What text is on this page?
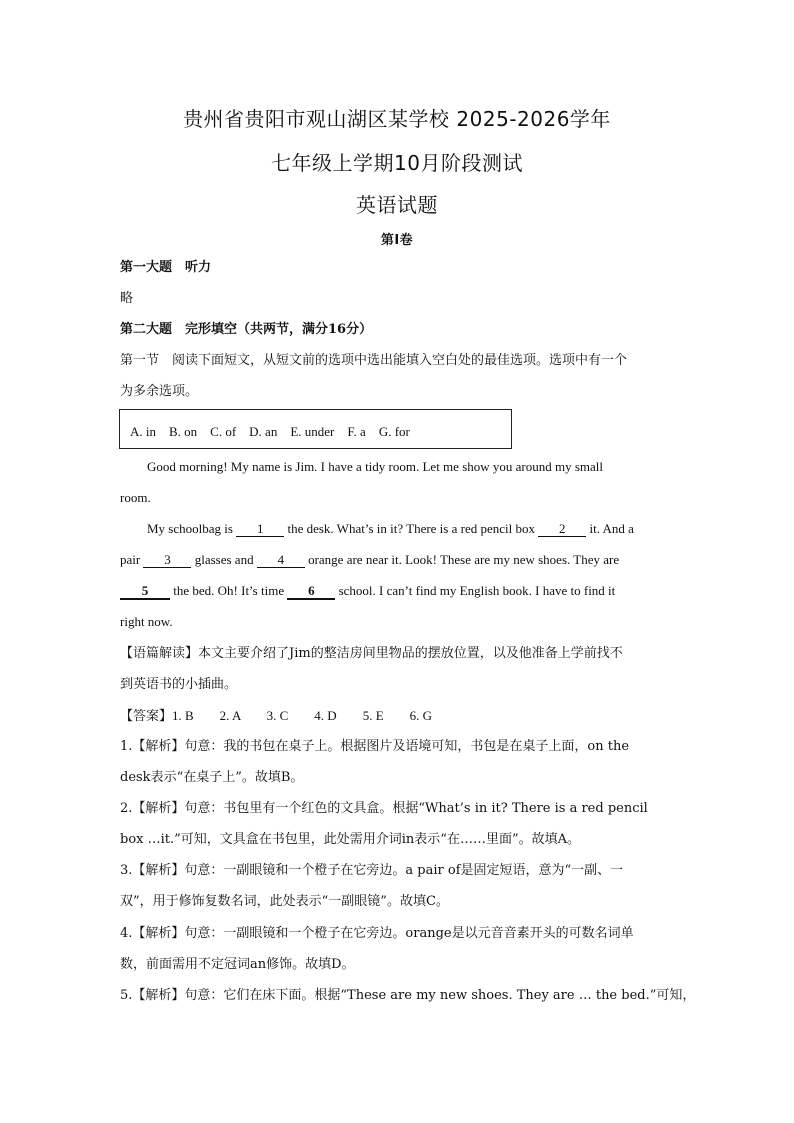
贵州省贵阳市观山湖区某学校 2025-2026学年
七年级上学期10月阶段测试
英语试题
第Ⅰ卷
第一大题　听力
略
第二大题　完形填空（共两节，满分16分）
第一节　阅读下面短文，从短文前的选项中选出能填入空白处的最佳选项。选项中有一个
为多余选项。
A. in　B. on　C. of　D. an　E. under　F. a　G. for
Good morning! My name is Jim. I have a tidy room. Let me show you around my small
room.
My schoolbag is 1 the desk. What’s in it? There is a red pencil box 2 it. And a
pair 3 glasses and 4 orange are near it. Look! These are my new shoes. They are
5 the bed. Oh! It’s time 6 school. I can’t find my English book. I have to find it
right now.
【语篇解读】本文主要介绍了Jim的整洁房间里物品的摆放位置，以及他准备上学前找不
到英语书的小插曲。
【答案】1. B　　2. A　　3. C　　4. D　　5. E　　6. G
1.【解析】句意：我的书包在桌子上。根据图片及语境可知，书包是在桌子上面，on the
desk表示“在桌子上”。故填B。
2.【解析】句意：书包里有一个红色的文具盒。根据“What’s in it? There is a red pencil
box …it.”可知，文具盒在书包里，此处需用介词in表示“在……里面”。故填A。
3.【解析】句意：一副眼镜和一个橙子在它旁边。a pair of是固定短语，意为“一副、一
双”，用于修饰复数名词，此处表示“一副眼镜”。故填C。
4.【解析】句意：一副眼镜和一个橙子在它旁边。orange是以元音音素开头的可数名词单
数，前面需用不定冠词an修饰。故填D。
5.【解析】句意：它们在床下面。根据“These are my new shoes. They are … the bed.”可知，
